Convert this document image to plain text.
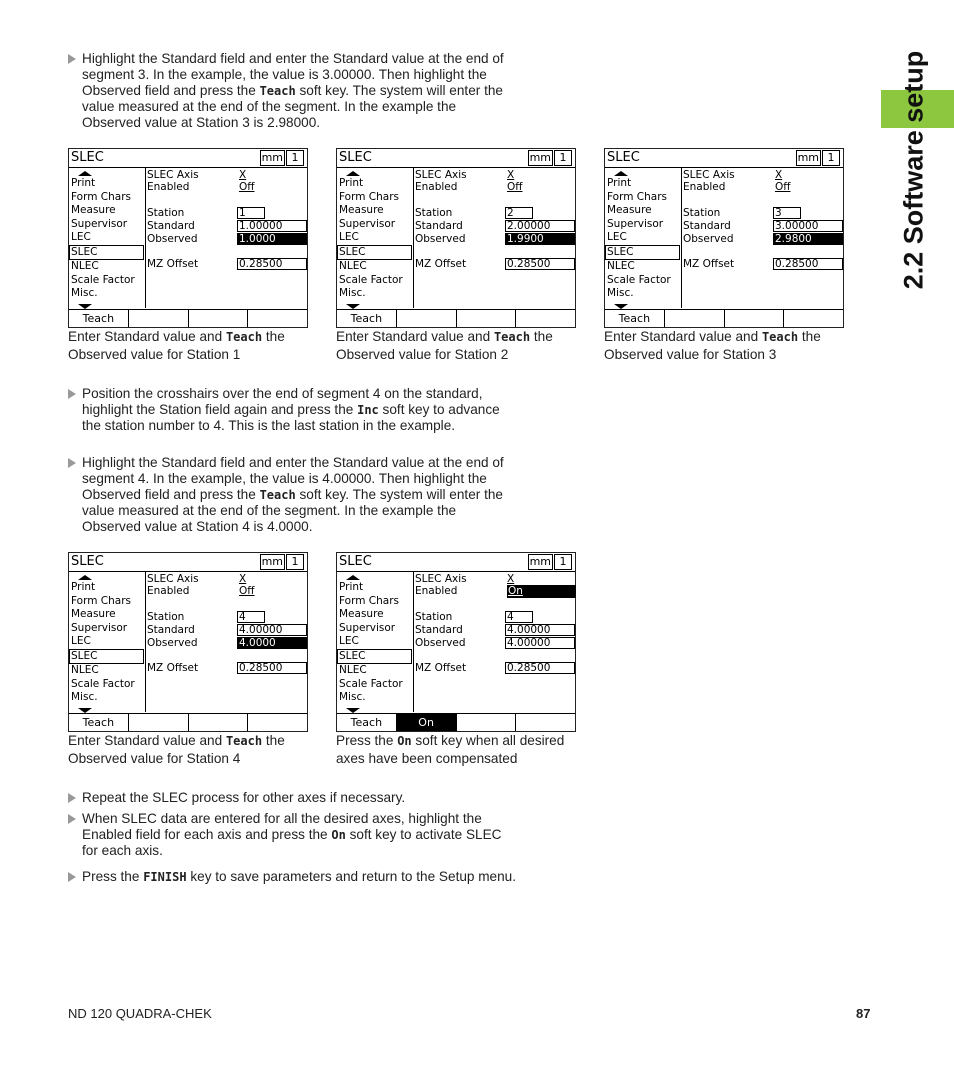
2.2 Software setup
Highlight the Standard field and enter the Standard value at the end of segment 3. In the example, the value is 3.00000. Then highlight the Observed field and press the Teach soft key. The system will enter the value measured at the end of the segment. In the example the Observed value at Station 3 is 2.98000.
SLEC	mm 1
Print
Form Chars
Measure
Supervisor
LEC
SLEC
NLEC
Scale Factor
Misc.
SLEC Axis	X
Enabled	Off
Station	1
Standard	1.00000
Observed	1.0000
MZ Offset	0.28500
Teach
Enter Standard value and Teach the Observed value for Station 1
SLEC	mm 1
Print
Form Chars
Measure
Supervisor
LEC
SLEC
NLEC
Scale Factor
Misc.
SLEC Axis	X
Enabled	Off
Station	2
Standard	2.00000
Observed	1.9900
MZ Offset	0.28500
Teach
Enter Standard value and Teach the Observed value for Station 2
SLEC	mm 1
Print
Form Chars
Measure
Supervisor
LEC
SLEC
NLEC
Scale Factor
Misc.
SLEC Axis	X
Enabled	Off
Station	3
Standard	3.00000
Observed	2.9800
MZ Offset	0.28500
Teach
Enter Standard value and Teach the Observed value for Station 3
SLEC	mm 1
Print
Form Chars
Measure
Supervisor
LEC
SLEC
NLEC
Scale Factor
Misc.
SLEC Axis	X
Enabled	Off
Station	4
Standard	4.00000
Observed	4.0000
MZ Offset	0.28500
Teach
Enter Standard value and Teach the Observed value for Station 4
SLEC	mm 1
Print
Form Chars
Measure
Supervisor
LEC
SLEC
NLEC
Scale Factor
Misc.
SLEC Axis	X
Enabled	On
Station	4
Standard	4.00000
Observed	4.00000
MZ Offset	0.28500
Teach	On
Press the On soft key when all desired axes have been compensated
Position the crosshairs over the end of segment 4 on the standard, highlight the Station field again and press the Inc soft key to advance the station number to 4. This is the last station in the example.
Highlight the Standard field and enter the Standard value at the end of segment 4. In the example, the value is 4.00000. Then highlight the Observed field and press the Teach soft key. The system will enter the value measured at the end of the segment. In the example the Observed value at Station 4 is 4.0000.
Repeat the SLEC process for other axes if necessary.
When SLEC data are entered for all the desired axes, highlight the Enabled field for each axis and press the On soft key to activate SLEC for each axis.
Press the FINISH key to save parameters and return to the Setup menu.
ND 120 QUADRA-CHEK	87
